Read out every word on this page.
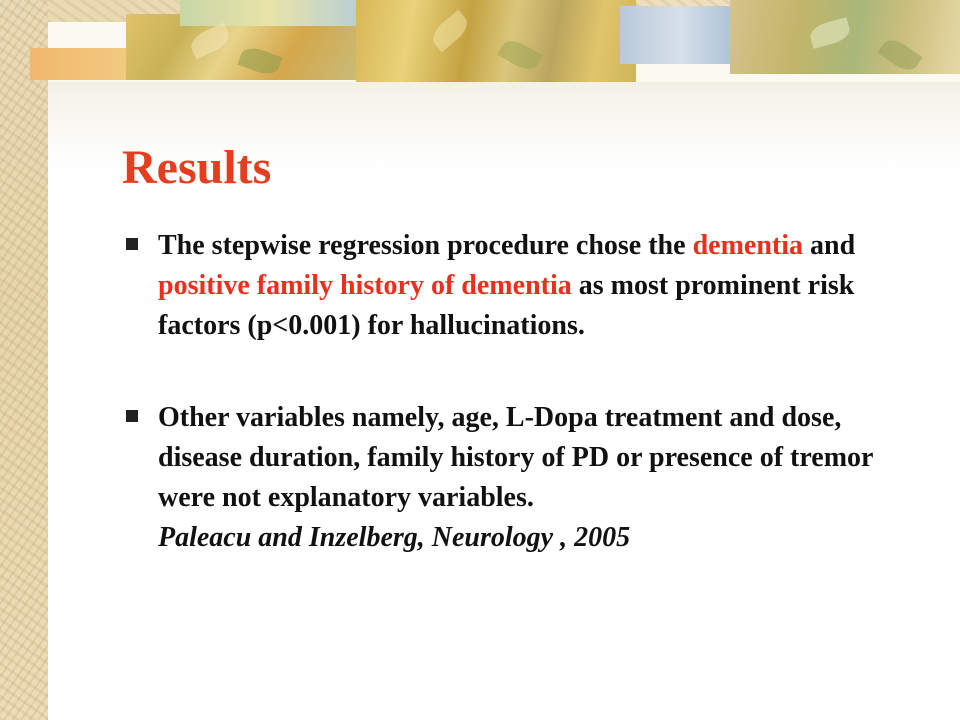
Results
The stepwise regression procedure chose the dementia and positive family history of dementia as most prominent risk factors (p<0.001) for hallucinations.
Other variables namely, age, L-Dopa treatment and dose, disease duration, family history of PD or presence of tremor were not explanatory variables.
Paleacu and Inzelberg, Neurology , 2005
